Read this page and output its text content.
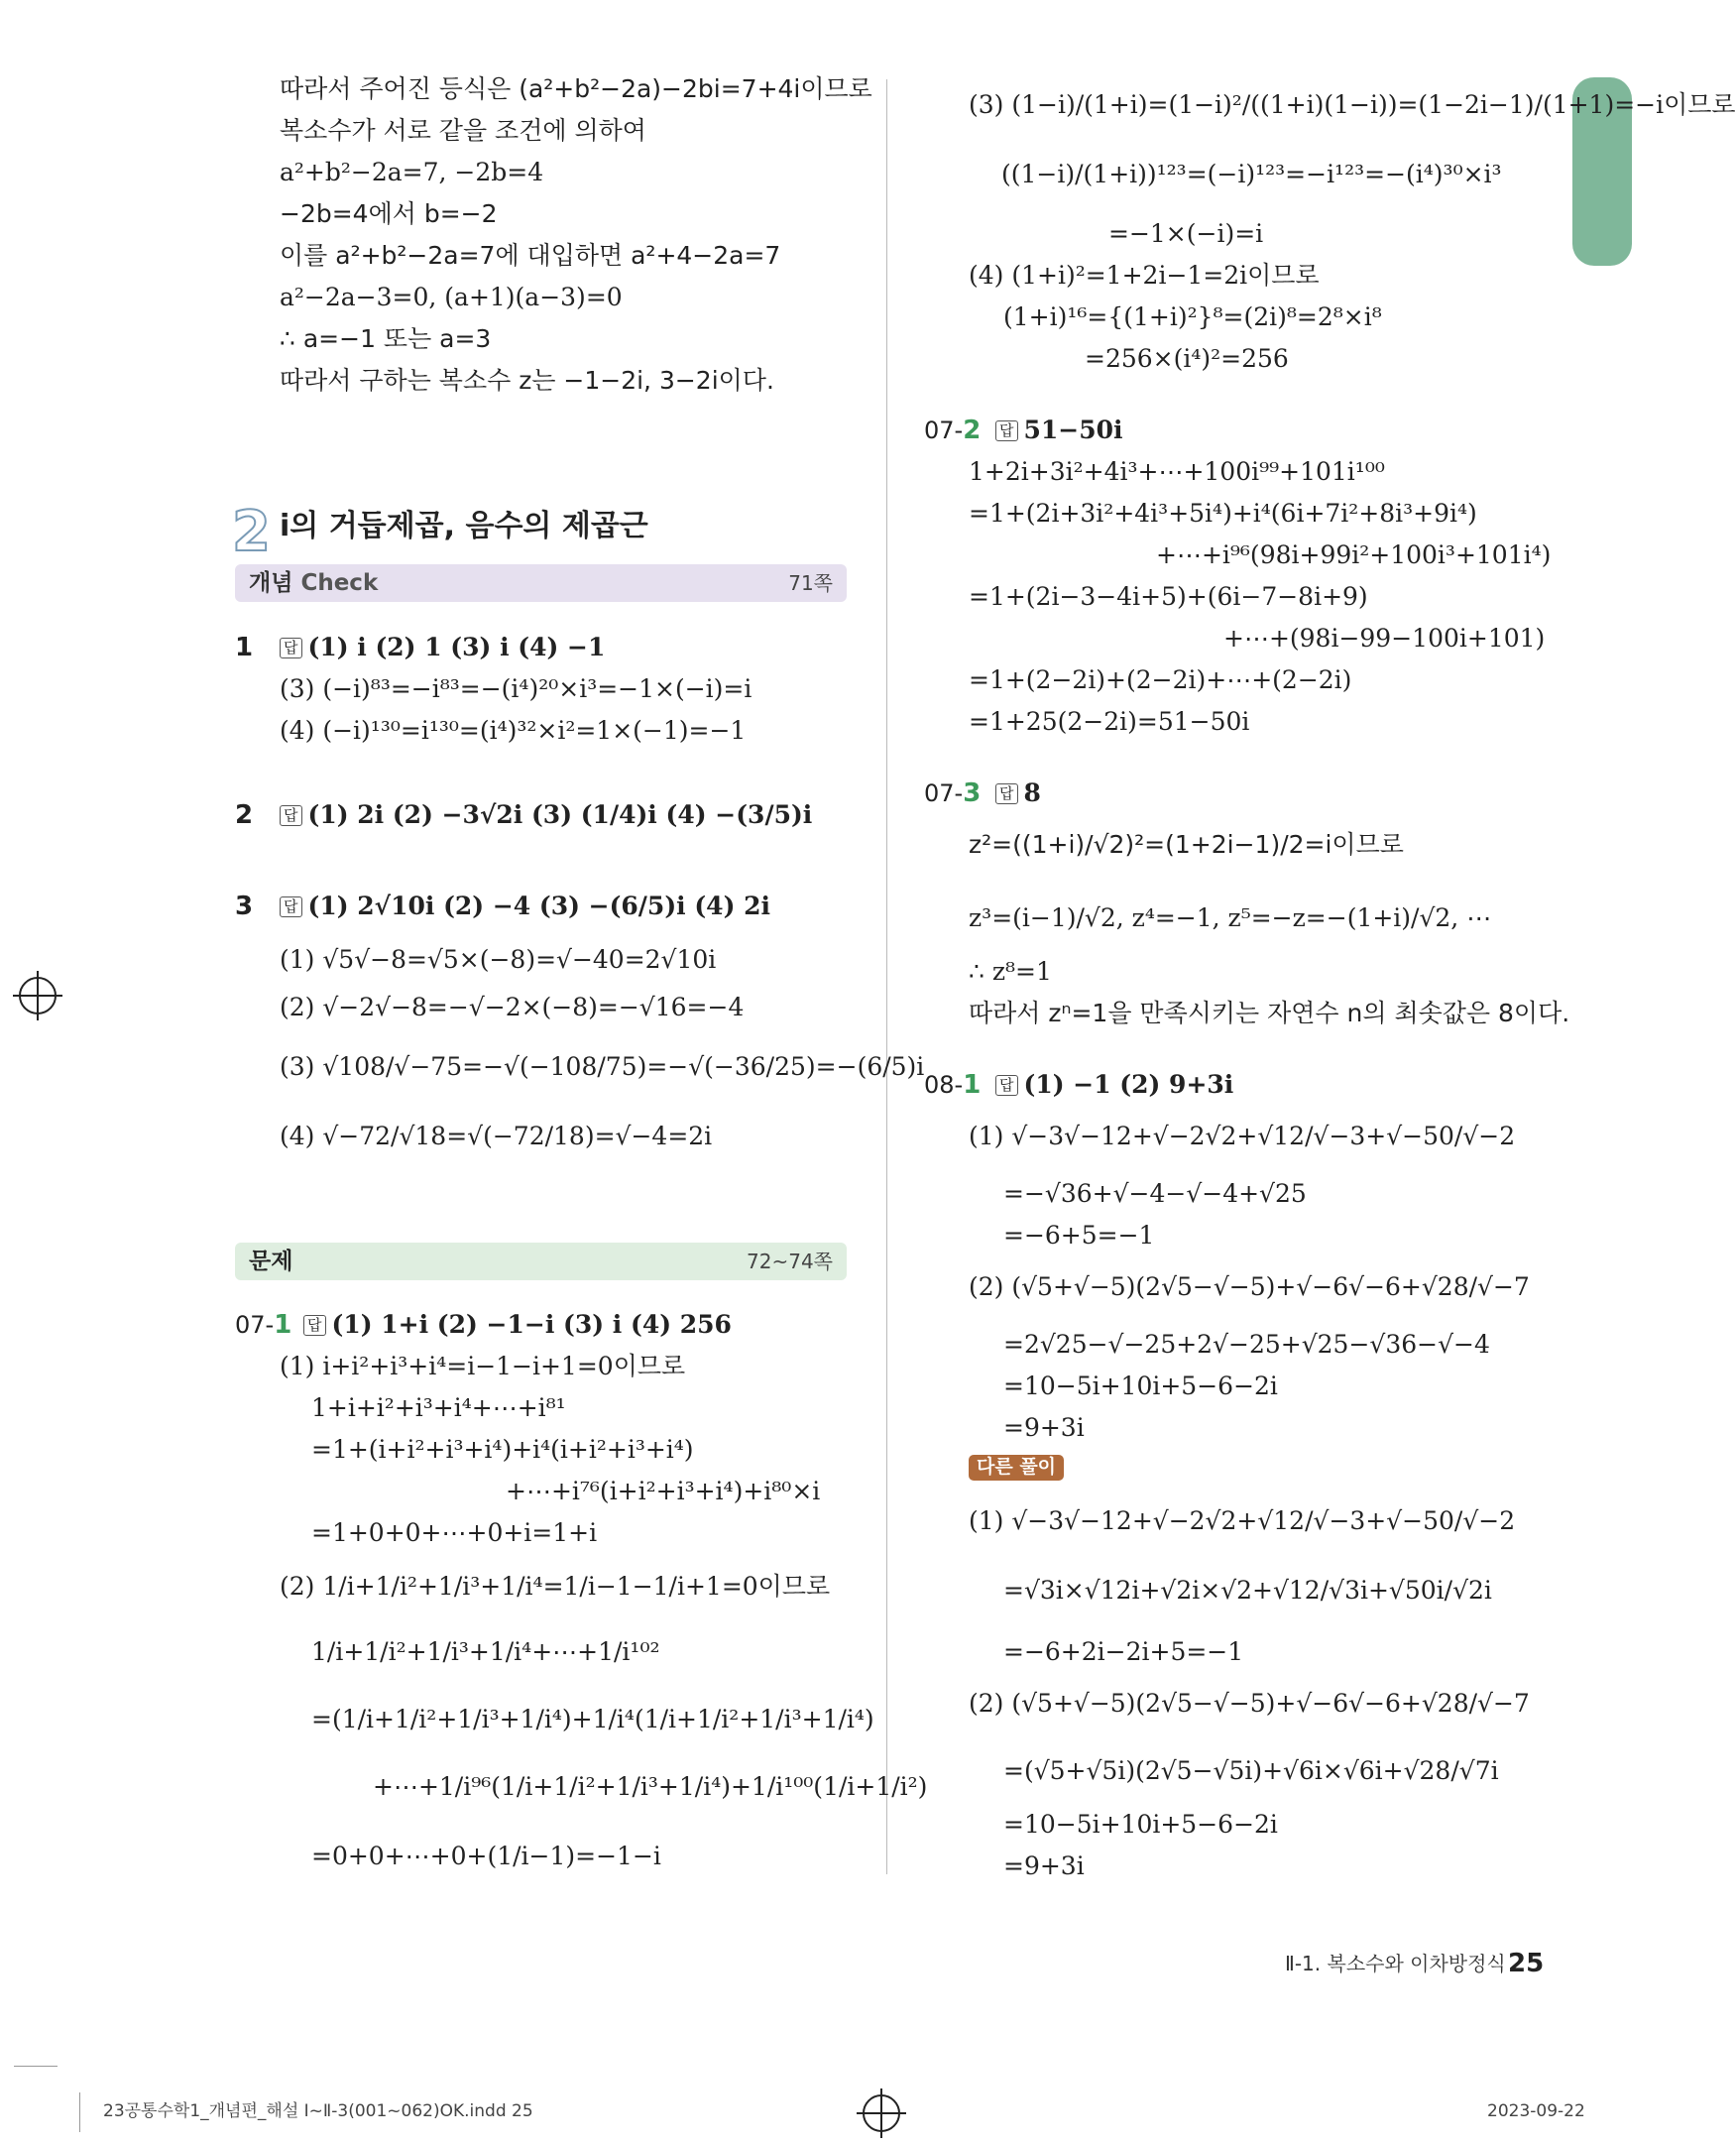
따라서 주어진 등식은 (a²+b²−2a)−2bi=7+4i이므로
복소수가 서로 같을 조건에 의하여
a²+b²−2a=7, −2b=4
−2b=4에서 b=−2
이를 a²+b²−2a=7에 대입하면 a²+4−2a=7
a²−2a−3=0, (a+1)(a−3)=0
∴ a=−1 또는 a=3
따라서 구하는 복소수 z는 −1−2i, 3−2i이다.
2 i의 거듭제곱, 음수의 제곱근
개념 Check	71쪽
1 답 (1) i (2) 1 (3) i (4) −1
(3) (−i)⁸³=−i⁸³=−(i⁴)²⁰×i³=−1×(−i)=i
(4) (−i)¹³⁰=i¹³⁰=(i⁴)³²×i²=1×(−1)=−1
2 답 (1) 2i (2) −3√2i (3) (1/4)i (4) −(3/5)i
3 답 (1) 2√10i (2) −4 (3) −(6/5)i (4) 2i
(1) √5√−8=√5×(−8)=√−40=2√10i
(2) √−2√−8=−√−2×(−8)=−√16=−4
(3) √108/√−75=−√(−108/75)=−√(−36/25)=−(6/5)i
(4) √−72/√18=√(−72/18)=√−4=2i
문제	72~74쪽
07-1 답 (1) 1+i (2) −1−i (3) i (4) 256
(1) i+i²+i³+i⁴=i−1−i+1=0이므로
1+i+i²+i³+i⁴+⋯+i⁸¹
=1+(i+i²+i³+i⁴)+i⁴(i+i²+i³+i⁴)
+⋯+i⁷⁶(i+i²+i³+i⁴)+i⁸⁰×i
=1+0+0+⋯+0+i=1+i
(2) 1/i+1/i²+1/i³+1/i⁴=1/i−1−1/i+1=0이므로
1/i+1/i²+1/i³+1/i⁴+⋯+1/i¹⁰²
=(1/i+1/i²+1/i³+1/i⁴)+1/i⁴(1/i+1/i²+1/i³+1/i⁴)
+⋯+1/i⁹⁶(1/i+1/i²+1/i³+1/i⁴)+1/i¹⁰⁰(1/i+1/i²)
=0+0+⋯+0+(1/i−1)=−1−i
(3) (1−i)/(1+i)=(1−i)²/((1+i)(1−i))=(1−2i−1)/(1+1)=−i이므로
((1−i)/(1+i))¹²³=(−i)¹²³=−i¹²³=−(i⁴)³⁰×i³
=−1×(−i)=i
(4) (1+i)²=1+2i−1=2i이므로
(1+i)¹⁶={(1+i)²}⁸=(2i)⁸=2⁸×i⁸
=256×(i⁴)²=256
07-2 답 51−50i
1+2i+3i²+4i³+⋯+100i⁹⁹+101i¹⁰⁰
=1+(2i+3i²+4i³+5i⁴)+i⁴(6i+7i²+8i³+9i⁴)
+⋯+i⁹⁶(98i+99i²+100i³+101i⁴)
=1+(2i−3−4i+5)+(6i−7−8i+9)
+⋯+(98i−99−100i+101)
=1+(2−2i)+(2−2i)+⋯+(2−2i)
=1+25(2−2i)=51−50i
07-3 답 8
z²=((1+i)/√2)²=(1+2i−1)/2=i이므로
z³=(i−1)/√2, z⁴=−1, z⁵=−z=−(1+i)/√2, ⋯
∴ z⁸=1
따라서 zⁿ=1을 만족시키는 자연수 n의 최솟값은 8이다.
08-1 답 (1) −1 (2) 9+3i
(1) √−3√−12+√−2√2+√12/√−3+√−50/√−2
=−√36+√−4−√−4+√25
=−6+5=−1
(2) (√5+√−5)(2√5−√−5)+√−6√−6+√28/√−7
=2√25−√−25+2√−25+√25−√36−√−4
=10−5i+10i+5−6−2i
=9+3i
다른 풀이
(1) √−3√−12+√−2√2+√12/√−3+√−50/√−2
=√3i×√12i+√2i×√2+√12/√3i+√50i/√2i
=−6+2i−2i+5=−1
(2) (√5+√−5)(2√5−√−5)+√−6√−6+√28/√−7
=(√5+√5i)(2√5−√5i)+√6i×√6i+√28/√7i
=10−5i+10i+5−6−2i
=9+3i
Ⅱ-1. 복소수와 이차방정식 25
23공통수학1_개념편_해설 Ⅰ~Ⅱ-3(001~062)OK.indd 25	2023-09-22
